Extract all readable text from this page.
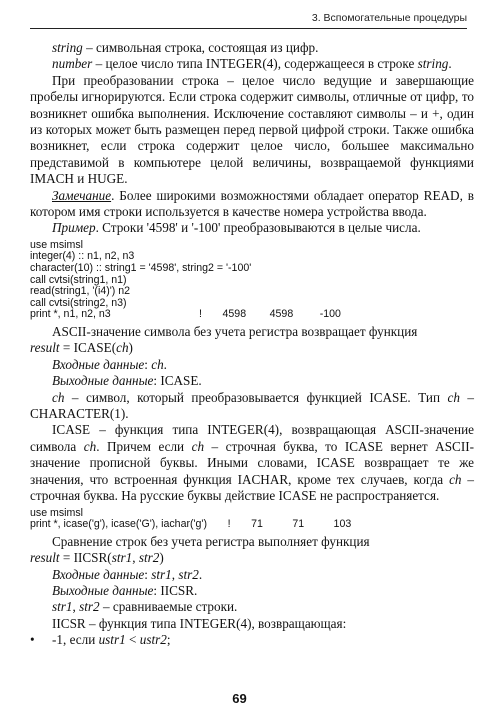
3. Вспомогательные процедуры

string – символьная строка, состоящая из цифр.

number – целое число типа INTEGER(4), содержащееся в строке string.

При преобразовании строка – целое число ведущие и завершающие пробелы игнорируются. Если строка содержит символы, отличные от цифр, то возникнет ошибка выполнения. Исключение составляют символы – и +, один из которых может быть размещен перед первой цифрой строки. Также ошибка возникнет, если строка содержит целое число, большее максимально представимой в компьютере целой величины, возвращаемой функциями IMACH и HUGE.

Замечание. Более широкими возможностями обладает оператор READ, в котором имя строки используется в качестве номера устройства ввода.

Пример. Строки '4598' и '-100' преобразовываются в целые числа.

use msimsl
integer(4) :: n1, n2, n3
character(10) :: string1 = '4598', string2 = '-100'
call cvtsi(string1, n1)
read(string1, '(i4)') n2
call cvtsi(string2, n3)
print *, n1, n2, n3                              !       4598        4598         -100

ASCII-значение символа без учета регистра возвращает функция

result = ICASE(ch)

Входные данные: ch.

Выходные данные: ICASE.

ch – символ, который преобразовывается функцией ICASE. Тип ch – CHARACTER(1).

ICASE – функция типа INTEGER(4), возвращающая ASCII-значение символа ch. Причем если ch – строчная буква, то ICASE вернет ASCII-значение прописной буквы. Иными словами, ICASE возвращает те же значения, что встроенная функция IACHAR, кроме тех случаев, когда ch – строчная буква. На русские буквы действие ICASE не распространяется.

use msimsl
print *, icase('g'), icase('G'), iachar('g')       !       71          71          103

Сравнение строк без учета регистра выполняет функция

result = IICSR(str1, str2)

Входные данные: str1, str2.

Выходные данные: IICSR.

str1, str2 – сравниваемые строки.

IICSR – функция типа INTEGER(4), возвращающая:

•	-1, если ustr1 < ustr2;
69
